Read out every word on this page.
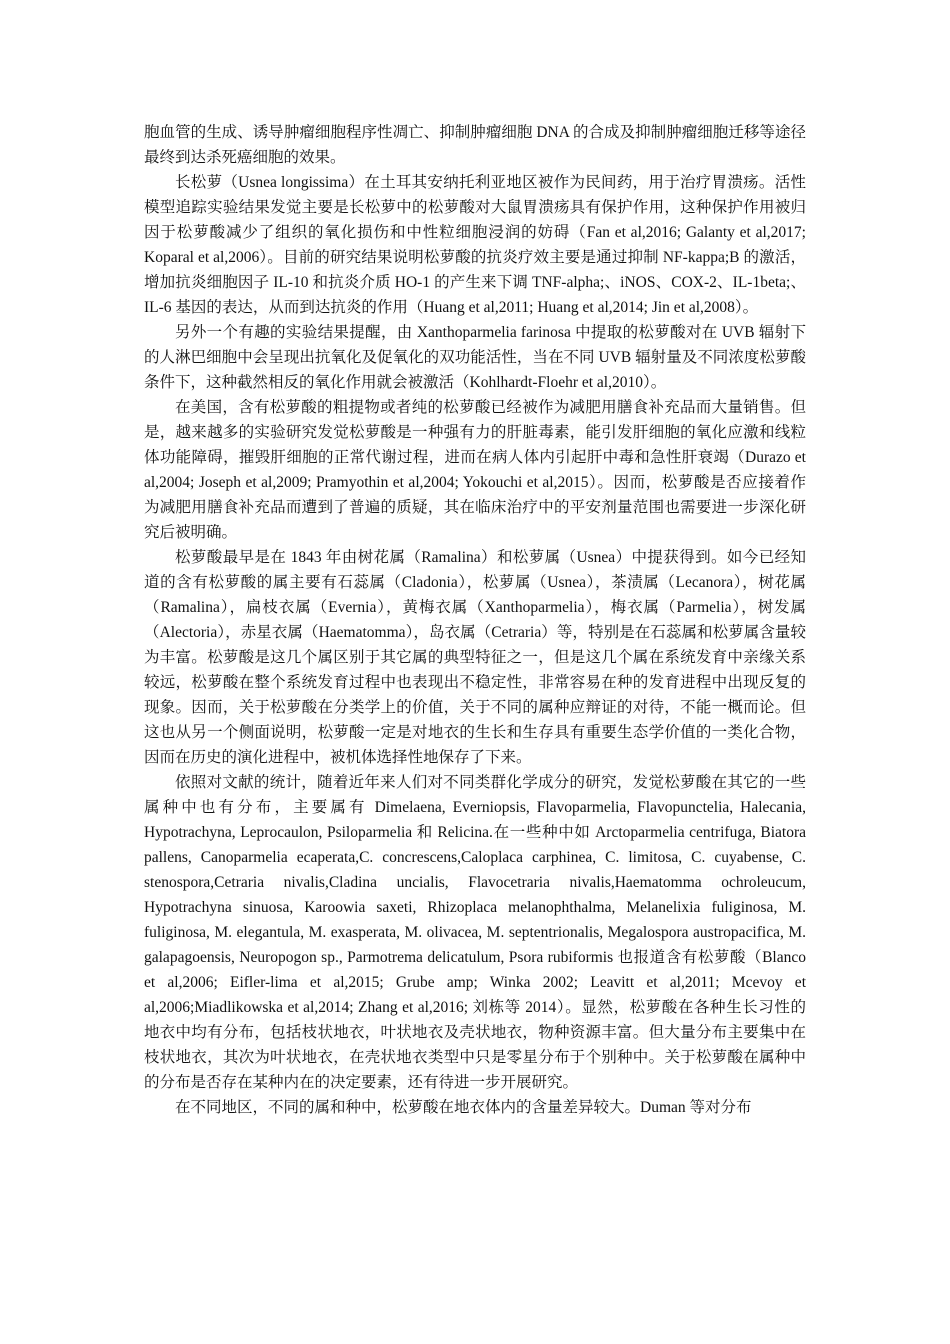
胞血管的生成、诱导肿瘤细胞程序性凋亡、抑制肿瘤细胞 DNA 的合成及抑制肿瘤细胞迁移等途径最终到达杀死癌细胞的效果。

长松萝（Usnea longissima）在土耳其安纳托利亚地区被作为民间药，用于治疗胃溃疡。活性模型追踪实验结果发觉主要是长松萝中的松萝酸对大鼠胃溃疡具有保护作用，这种保护作用被归因于松萝酸减少了组织的氧化损伤和中性粒细胞浸润的妨碍（Fan et al,2016; Galanty et al,2017; Koparal et al,2006）。目前的研究结果说明松萝酸的抗炎疗效主要是通过抑制 NF-kappa;B 的激活，增加抗炎细胞因子 IL-10 和抗炎介质 HO-1 的产生来下调 TNF-alpha;、iNOS、COX-2、IL-1beta;、IL-6 基因的表达，从而到达抗炎的作用（Huang et al,2011; Huang et al,2014; Jin et al,2008）。

另外一个有趣的实验结果提醒，由 Xanthoparmelia farinosa 中提取的松萝酸对在 UVB 辐射下的人淋巴细胞中会呈现出抗氧化及促氧化的双功能活性，当在不同 UVB 辐射量及不同浓度松萝酸条件下，这种截然相反的氧化作用就会被激活（Kohlhardt-Floehr et al,2010）。

在美国，含有松萝酸的粗提物或者纯的松萝酸已经被作为减肥用膳食补充品而大量销售。但是，越来越多的实验研究发觉松萝酸是一种强有力的肝脏毒素，能引发肝细胞的氧化应激和线粒体功能障碍，摧毁肝细胞的正常代谢过程，进而在病人体内引起肝中毒和急性肝衰竭（Durazo et al,2004; Joseph et al,2009; Pramyothin et al,2004; Yokouchi et al,2015）。因而，松萝酸是否应接着作为减肥用膳食补充品而遭到了普遍的质疑，其在临床治疗中的平安剂量范围也需要进一步深化研究后被明确。

松萝酸最早是在 1843 年由树花属（Ramalina）和松萝属（Usnea）中提获得到。如今已经知道的含有松萝酸的属主要有石蕊属（Cladonia），松萝属（Usnea），茶渍属（Lecanora），树花属（Ramalina），扁枝衣属（Evernia），黄梅衣属（Xanthoparmelia），梅衣属（Parmelia），树发属（Alectoria），赤星衣属（Haematomma），岛衣属（Cetraria）等，特别是在石蕊属和松萝属含量较为丰富。松萝酸是这几个属区别于其它属的典型特征之一，但是这几个属在系统发育中亲缘关系较远，松萝酸在整个系统发育过程中也表现出不稳定性，非常容易在种的发育进程中出现反复的现象。因而，关于松萝酸在分类学上的价值，关于不同的属种应辩证的对待，不能一概而论。但这也从另一个侧面说明，松萝酸一定是对地衣的生长和生存具有重要生态学价值的一类化合物，因而在历史的演化进程中，被机体选择性地保存了下来。

依照对文献的统计，随着近年来人们对不同类群化学成分的研究，发觉松萝酸在其它的一些属种中也有分布，主要属有 Dimelaena, Everniopsis, Flavoparmelia, Flavopunctelia, Halecania, Hypotrachyna, Leprocaulon, Psiloparmelia 和 Relicina.在一些种中如 Arctoparmelia centrifuga, Biatora pallens, Canoparmelia ecaperata,C. concrescens,Caloplaca carphinea, C. limitosa, C. cuyabense, C. stenospora,Cetraria nivalis,Cladina uncialis, Flavocetraria nivalis,Haematomma ochroleucum, Hypotrachyna sinuosa, Karoowia saxeti, Rhizoplaca melanophthalma, Melanelixia fuliginosa, M. fuliginosa, M. elegantula, M. exasperata, M. olivacea, M. septentrionalis, Megalospora austropacifica, M. galapagoensis, Neuropogon sp., Parmotrema delicatulum, Psora rubiformis 也报道含有松萝酸（Blanco et al,2006; Eifler-lima et al,2015; Grube amp; Winka 2002; Leavitt et al,2011; Mcevoy et al,2006;Miadlikowska et al,2014; Zhang et al,2016; 刘栋等 2014）。显然，松萝酸在各种生长习性的地衣中均有分布，包括枝状地衣，叶状地衣及壳状地衣，物种资源丰富。但大量分布主要集中在枝状地衣，其次为叶状地衣，在壳状地衣类型中只是零星分布于个别种中。关于松萝酸在属种中的分布是否存在某种内在的决定要素，还有待进一步开展研究。

在不同地区，不同的属和种中，松萝酸在地衣体内的含量差异较大。Duman 等对分布
